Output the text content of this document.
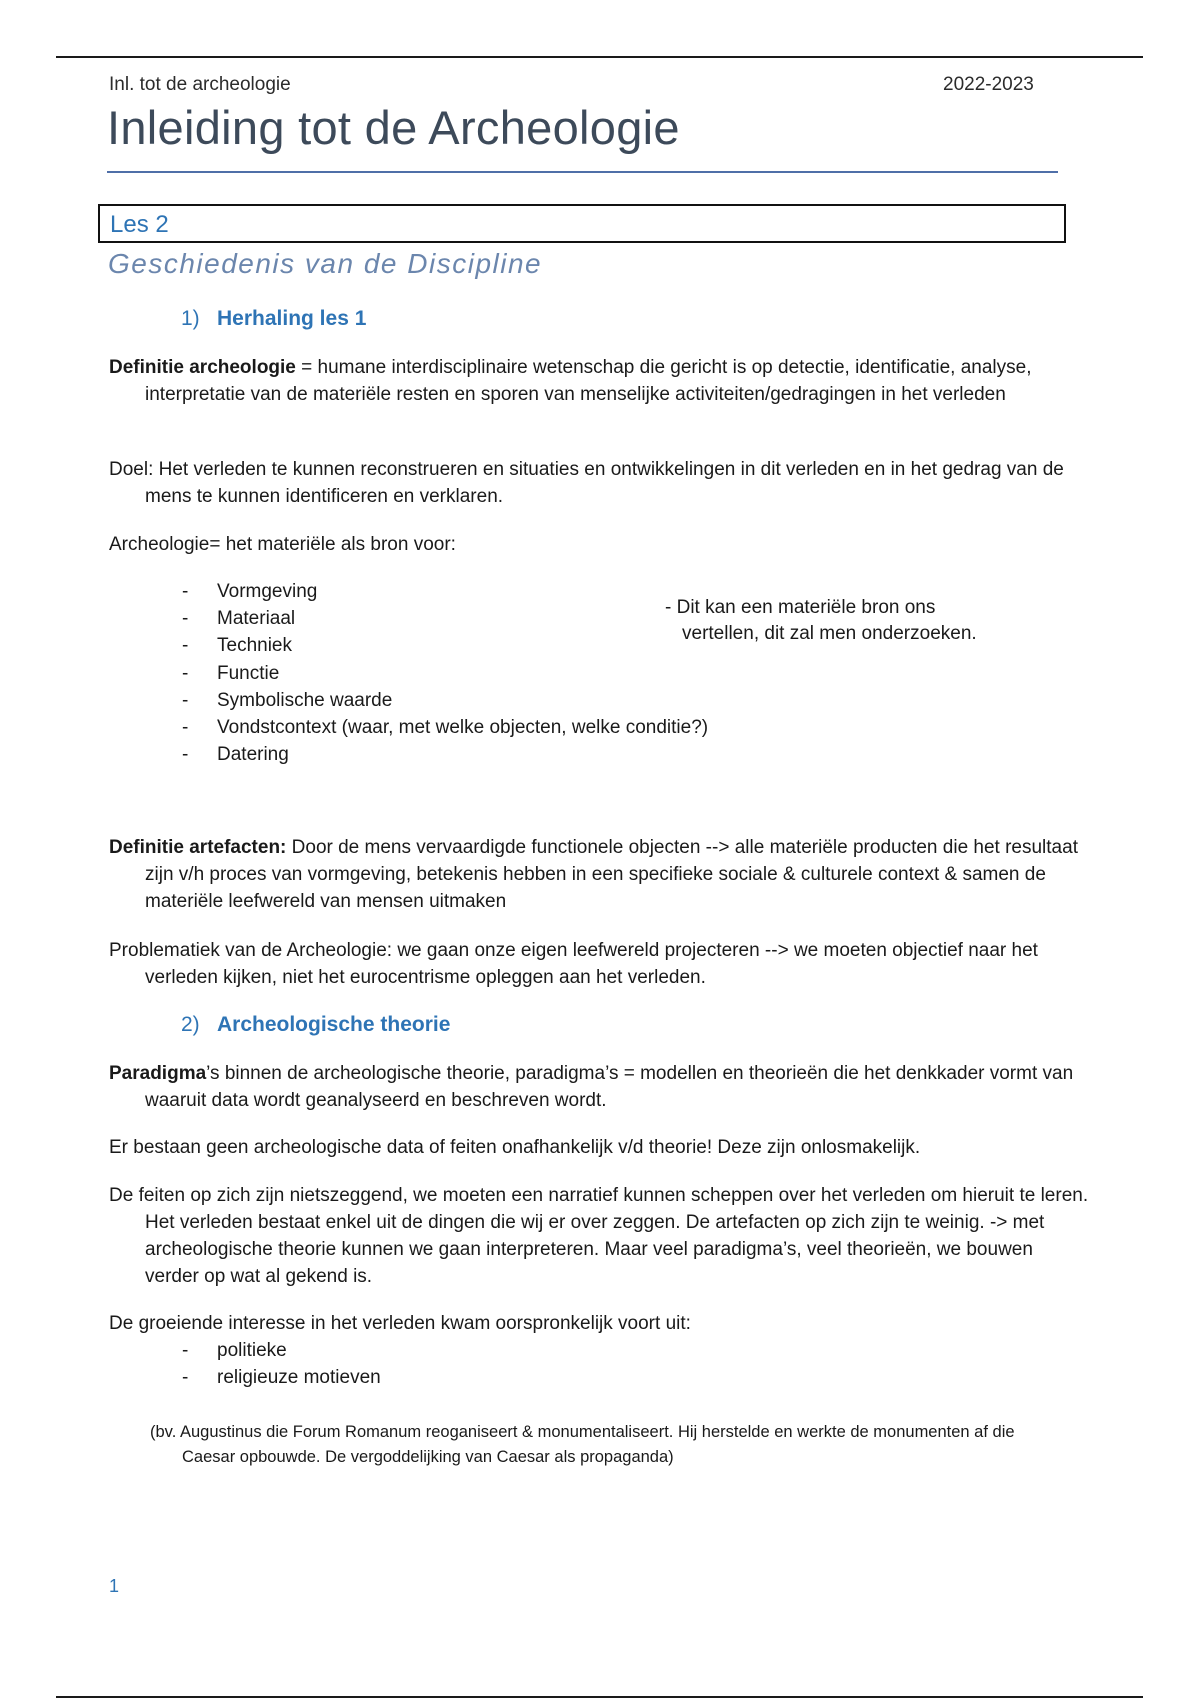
Inl. tot de archeologie	2022-2023
Inleiding tot de Archeologie
Les 2
Geschiedenis van de Discipline
1) Herhaling les 1
Definitie archeologie = humane interdisciplinaire wetenschap die gericht is op detectie, identificatie, analyse, interpretatie van de materiële resten en sporen van menselijke activiteiten/gedragingen in het verleden
Doel: Het verleden te kunnen reconstrueren en situaties en ontwikkelingen in dit verleden en in het gedrag van de mens te kunnen identificeren en verklaren.
Archeologie= het materiële als bron voor:
- Vormgeving
- Materiaal
- Techniek
- Functie
- Symbolische waarde
- Vondstcontext (waar, met welke objecten, welke conditie?)
- Datering
- Dit kan een materiële bron ons vertellen, dit zal men onderzoeken.
Definitie artefacten: Door de mens vervaardigde functionele objecten --> alle materiële producten die het resultaat zijn v/h proces van vormgeving, betekenis hebben in een specifieke sociale & culturele context & samen de materiële leefwereld van mensen uitmaken
Problematiek van de Archeologie: we gaan onze eigen leefwereld projecteren --> we moeten objectief naar het verleden kijken, niet het eurocentrisme opleggen aan het verleden.
2) Archeologische theorie
Paradigma’s binnen de archeologische theorie, paradigma’s = modellen en theorieën die het denkkader vormt van waaruit data wordt geanalyseerd en beschreven wordt.
Er bestaan geen archeologische data of feiten onafhankelijk v/d theorie! Deze zijn onlosmakelijk.
De feiten op zich zijn nietszeggend, we moeten een narratief kunnen scheppen over het verleden om hieruit te leren. Het verleden bestaat enkel uit de dingen die wij er over zeggen. De artefacten op zich zijn te weinig. -> met archeologische theorie kunnen we gaan interpreteren. Maar veel paradigma’s, veel theorieën, we bouwen verder op wat al gekend is.
De groeiende interesse in het verleden kwam oorspronkelijk voort uit:
- politieke
- religieuze motieven
(bv. Augustinus die Forum Romanum reoganiseert & monumentaliseert. Hij herstelde en werkte de monumenten af die Caesar opbouwde. De vergoddelijking van Caesar als propaganda)
1
